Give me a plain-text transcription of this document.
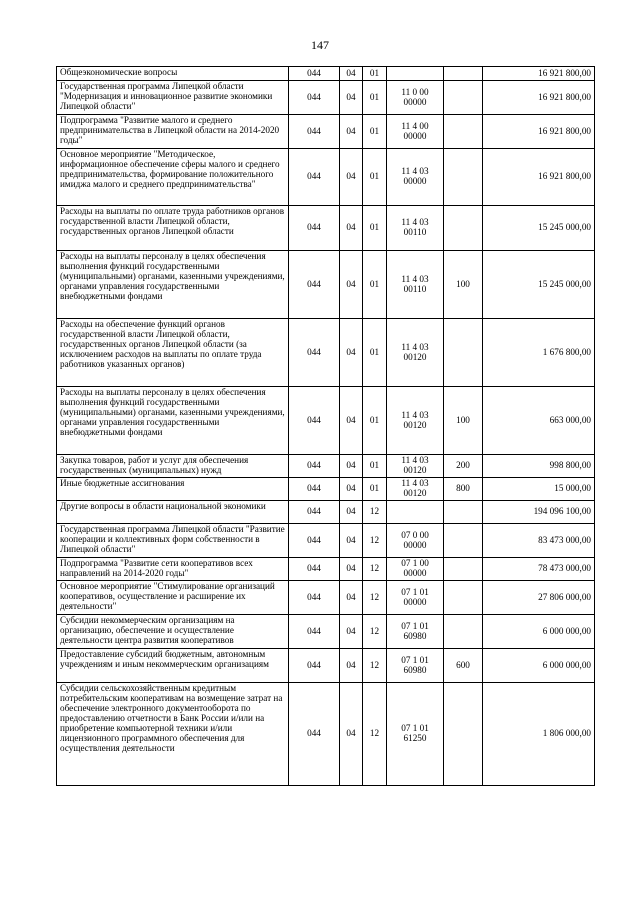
147
Общеэкономические вопросы	044	04	01			16 921 800,00
Государственная программа Липецкой области "Модернизация и инновационное развитие экономики Липецкой области"	044	04	01	11 0 00 00000		16 921 800,00
Подпрограмма "Развитие малого и среднего предпринимательства в Липецкой области на 2014-2020 годы"	044	04	01	11 4 00 00000		16 921 800,00
Основное мероприятие "Методическое, информационное обеспечение сферы малого и среднего предпринимательства, формирование положительного имиджа малого и среднего предпринимательства"	044	04	01	11 4 03 00000		16 921 800,00
Расходы на выплаты по оплате труда работников органов государственной власти Липецкой области, государственных органов Липецкой области	044	04	01	11 4 03 00110		15 245 000,00
Расходы на выплаты персоналу в целях обеспечения выполнения функций государственными (муниципальными) органами, казенными учреждениями, органами управления государственными внебюджетными фондами	044	04	01	11 4 03 00110	100	15 245 000,00
Расходы на обеспечение функций органов государственной власти Липецкой области, государственных органов Липецкой области (за исключением расходов на выплаты по оплате труда работников указанных органов)	044	04	01	11 4 03 00120		1 676 800,00
Расходы на выплаты персоналу в целях обеспечения выполнения функций государственными (муниципальными) органами, казенными учреждениями, органами управления государственными внебюджетными фондами	044	04	01	11 4 03 00120	100	663 000,00
Закупка товаров, работ и услуг для обеспечения государственных (муниципальных) нужд	044	04	01	11 4 03 00120	200	998 800,00
Иные бюджетные ассигнования	044	04	01	11 4 03 00120	800	15 000,00
Другие вопросы в области национальной экономики	044	04	12			194 096 100,00
Государственная программа Липецкой области "Развитие кооперации и коллективных форм собственности в Липецкой области"	044	04	12	07 0 00 00000		83 473 000,00
Подпрограмма "Развитие сети кооперативов всех направлений на 2014-2020 годы"	044	04	12	07 1 00 00000		78 473 000,00
Основное мероприятие "Стимулирование организаций кооперативов, осуществление и расширение их деятельности"	044	04	12	07 1 01 00000		27 806 000,00
Субсидии некоммерческим организациям на организацию, обеспечение и осуществление деятельности центра развития кооперативов	044	04	12	07 1 01 60980		6 000 000,00
Предоставление субсидий бюджетным, автономным учреждениям и иным некоммерческим организациям	044	04	12	07 1 01 60980	600	6 000 000,00
Субсидии сельскохозяйственным кредитным потребительским кооперативам на возмещение затрат на обеспечение электронного документооборота по предоставлению отчетности в Банк России и/или на приобретение компьютерной техники и/или лицензионного программного обеспечения для осуществления деятельности	044	04	12	07 1 01 61250		1 806 000,00
